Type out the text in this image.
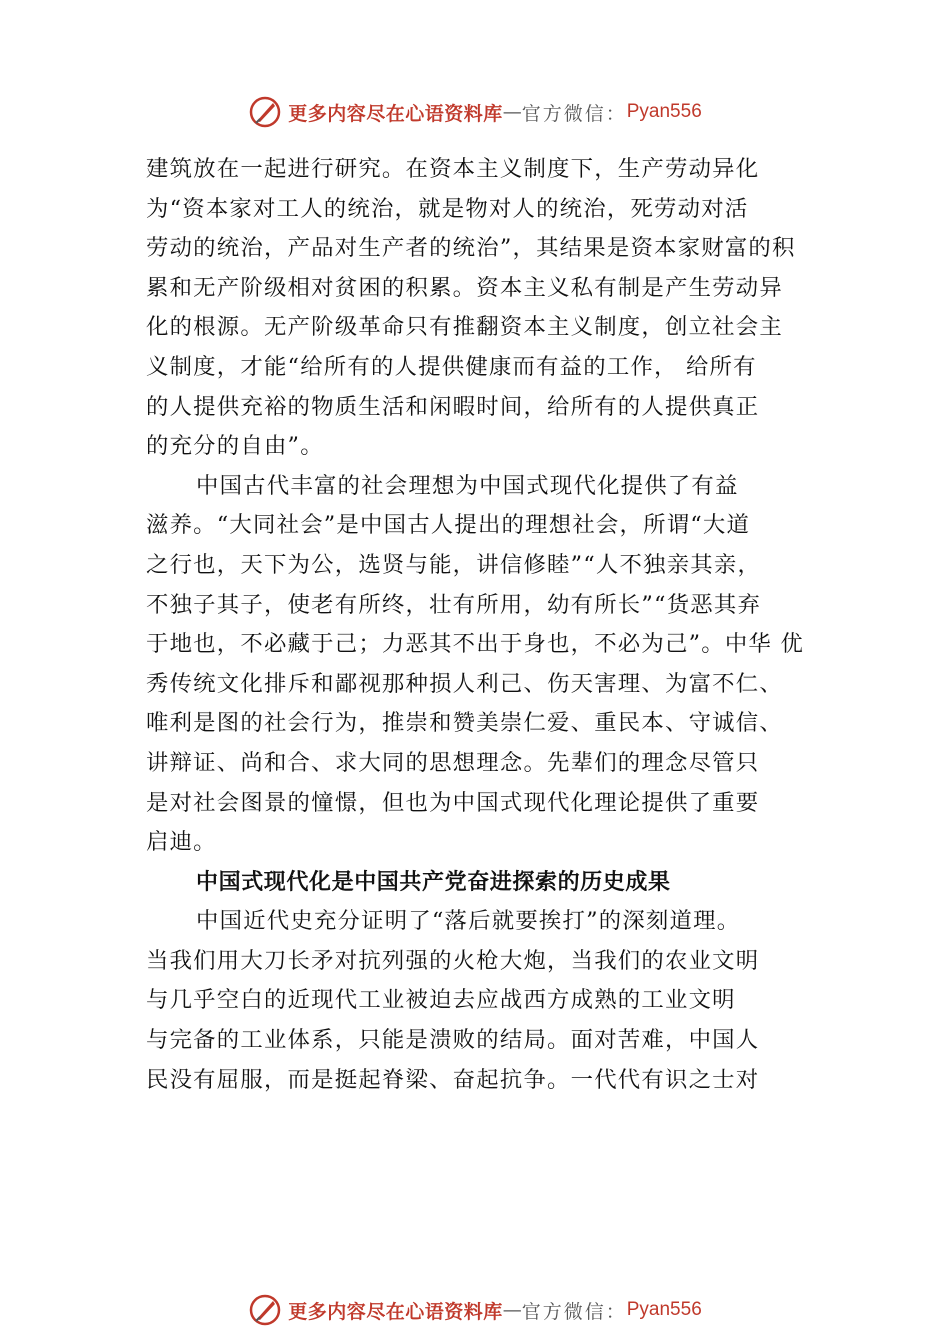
更多内容尽在心语资料库 — 官方微信： Pyan556
建筑放在一起进行研究。在资本主义制度下，生产劳动异化
为“资本家对工人的统治，就是物对人的统治，死劳动对活
劳动的统治，产品对生产者的统治”，其结果是资本家财富的积
累和无产阶级相对贫困的积累。资本主义私有制是产生劳动异
化的根源。无产阶级革命只有推翻资本主义制度，创立社会主
义制度，才能“给所有的人提供健康而有益的工作， 给所有
的人提供充裕的物质生活和闲暇时间，给所有的人提供真正
的充分的自由”。
中国古代丰富的社会理想为中国式现代化提供了有益
滋养。“大同社会”是中国古人提出的理想社会，所谓“大道
之行也，天下为公，选贤与能，讲信修睦”“人不独亲其亲，
不独子其子，使老有所终，壮有所用，幼有所长”“货恶其弃
于地也，不必藏于己；力恶其不出于身也，不必为己”。中华 优
秀传统文化排斥和鄙视那种损人利己、伤天害理、为富不仁、
唯利是图的社会行为，推崇和赞美崇仁爱、重民本、守诚信、
讲辩证、尚和合、求大同的思想理念。先辈们的理念尽管只
是对社会图景的憧憬，但也为中国式现代化理论提供了重要
启迪。
中国式现代化是中国共产党奋进探索的历史成果
中国近代史充分证明了“落后就要挨打”的深刻道理。
当我们用大刀长矛对抗列强的火枪大炮，当我们的农业文明
与几乎空白的近现代工业被迫去应战西方成熟的工业文明
与完备的工业体系，只能是溃败的结局。面对苦难，中国人
民没有屈服，而是挺起脊梁、奋起抗争。一代代有识之士对
更多内容尽在心语资料库 — 官方微信： Pyan556
